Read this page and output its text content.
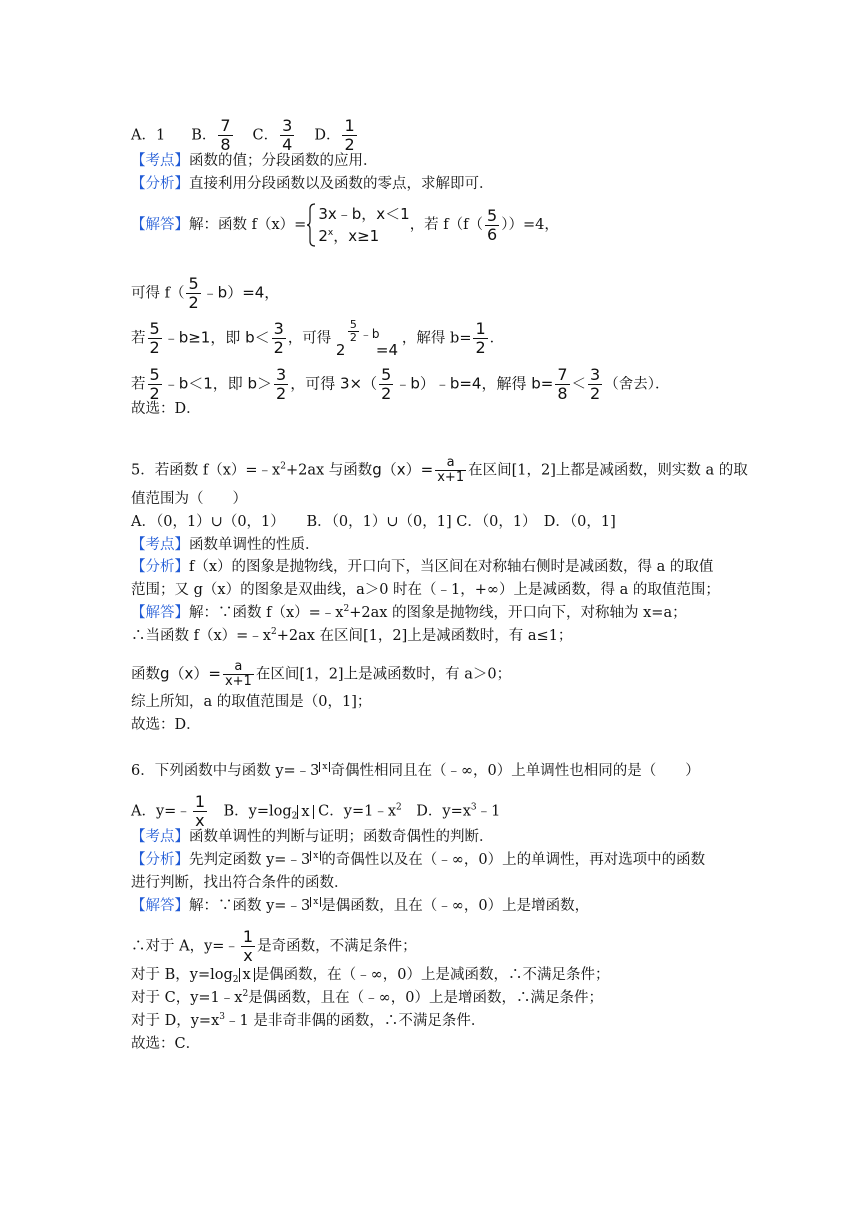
A．1 B． $\frac{7}{8}$ C． $\frac{3}{4}$ D． $\frac{1}{2}$
【考点】函数的值；分段函数的应用．
【分析】直接利用分段函数以及函数的零点，求解即可．
【解答】解：函数 f（x）=
3x﹣b，x＜1
2$^x$，x≥1
，若 $f(f( \frac{5}{6} ))=4$，
可得 $f( \frac{5}{2}$ ﹣b）=4，
若 $\frac{5}{2}$ ﹣b≥1，即 $b< \frac{3}{2}$ ，可得
2
$\frac{5}{2}$ ﹣b
=4
，解得 $b= \frac{1}{2}$ ．
若 $\frac{5}{2}$ ﹣b＜1，即 $b> \frac{3}{2}$ ，可得 $3\times( \frac{5}{2}$ ﹣b）﹣b=4，解得 $b= \frac{7}{8} < \frac{3}{2}$ （舍去）．
故选：D．
5．若函数 $f(x)=﹣x^2+2ax$ 与函数$g(x)= \frac{a}{x+1}$ 在区间[1，2]上都是减函数，则实数 a 的取
值范围为（　　）
A．（0，1）∪（0，1）　　B．（0，1）∪（0，1] C．（0，1）　D．（0，1]
【考点】函数单调性的性质．
【分析】f（x）的图象是抛物线，开口向下，当区间在对称轴右侧时是减函数，得 a 的取值
范围；又 g（x）的图象是双曲线，a＞0 时在（﹣1，+∞）上是减函数，得 a 的取值范围；
【解答】解：∵函数 $f(x)=﹣x^2+2ax$ 的图象是抛物线，开口向下，对称轴为 x=a；
∴当函数 $f(x)=﹣x^2+2ax$ 在区间[1，2]上是减函数时，有 a≤1；
函数$g(x)= \frac{a}{x+1}$ 在区间[1，2]上是减函数时，有 a＞0；
综上所知，a 的取值范围是（0，1]；
故选：D．
6．下列函数中与函数 y=﹣3 x 奇偶性相同且在（﹣∞，0）上单调性也相同的是（　　）
A．y=﹣ $\frac{1}{x}$ 　B．$y=\log_2$ x C．$y=1﹣x^2$　D．$y=x^3﹣1$
【考点】函数单调性的判断与证明；函数奇偶性的判断．
【分析】先判定函数 y=﹣3 x 的奇偶性以及在（﹣∞，0）上的单调性，再对选项中的函数
进行判断，找出符合条件的函数．
【解答】解：∵函数 y=﹣3 x 是偶函数，且在（﹣∞，0）上是增函数，
∴对于 A，y=﹣ $\frac{1}{x}$ 是奇函数，不满足条件；
对于 B，$y=\log_2$ x 是偶函数，在（﹣∞，0）上是减函数，∴不满足条件；
对于 C，$y=1﹣x^2$是偶函数，且在（﹣∞，0）上是增函数，∴满足条件；
对于 D，$y=x^3﹣1$ 是非奇非偶的函数，∴不满足条件．
故选：C．
